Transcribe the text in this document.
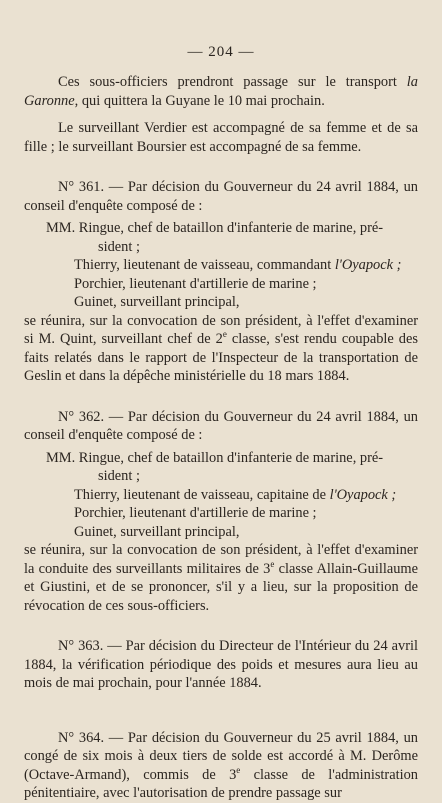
— 204 —

Ces sous-officiers prendront passage sur le transport la Garonne, qui quittera la Guyane le 10 mai prochain.

Le surveillant Verdier est accompagné de sa femme et de sa fille ; le surveillant Boursier est accompagné de sa femme.

N° 361. — Par décision du Gouverneur du 24 avril 1884, un conseil d'enquête composé de :

MM. Ringue, chef de bataillon d'infanterie de marine, pré-
sident ;
Thierry, lieutenant de vaisseau, commandant l'Oyapock ;
Porchier, lieutenant d'artillerie de marine ;
Guinet, surveillant principal,

se réunira, sur la convocation de son président, à l'effet d'examiner si M. Quint, surveillant chef de 2e classe, s'est rendu coupable des faits relatés dans le rapport de l'Inspecteur de la transportation de Geslin et dans la dépêche ministérielle du 18 mars 1884.

N° 362. — Par décision du Gouverneur du 24 avril 1884, un conseil d'enquête composé de :

MM. Ringue, chef de bataillon d'infanterie de marine, pré-
sident ;
Thierry, lieutenant de vaisseau, capitaine de l'Oyapock ;
Porchier, lieutenant d'artillerie de marine ;
Guinet, surveillant principal,

se réunira, sur la convocation de son président, à l'effet d'examiner la conduite des surveillants militaires de 3e classe Allain-Guillaume et Giustini, et de se prononcer, s'il y a lieu, sur la proposition de révocation de ces sous-officiers.

N° 363. — Par décision du Directeur de l'Intérieur du 24 avril 1884, la vérification périodique des poids et mesures aura lieu au mois de mai prochain, pour l'année 1884.

N° 364. — Par décision du Gouverneur du 25 avril 1884, un congé de six mois à deux tiers de solde est accordé à M. Derôme (Octave-Armand), commis de 3e classe de l'administration pénitentiaire, avec l'autorisation de prendre passage sur
